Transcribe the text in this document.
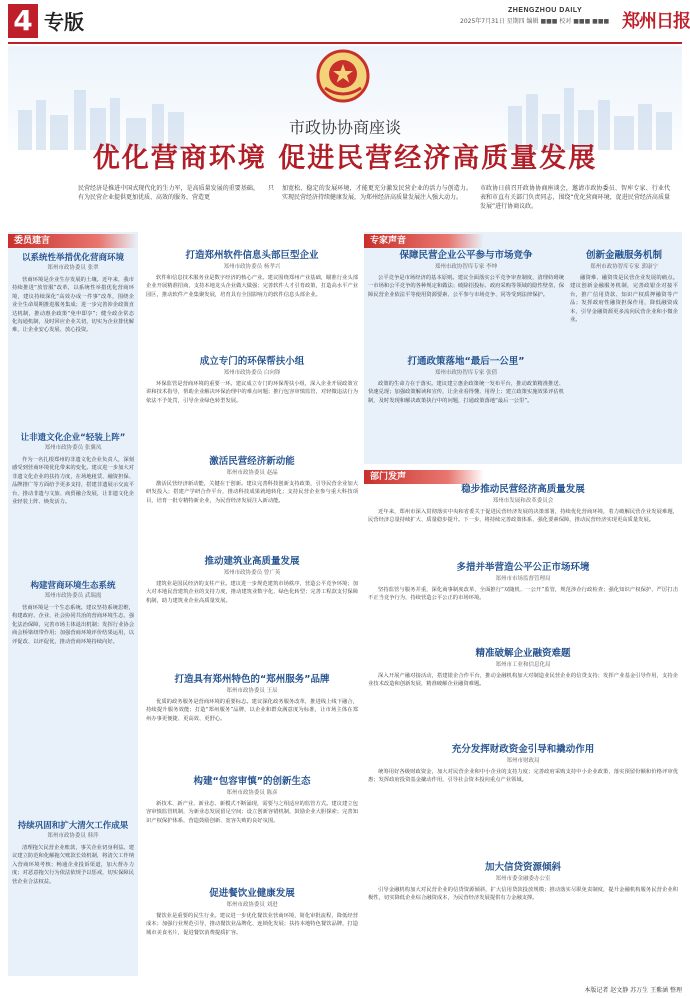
4 专版	ZHENGZHOU DAILY
2025年7月31日 星期四 编辑 ■■■ 校对 ■■■ ■■■ 郑州日报
市政协协商座谈
优化营商环境 促进民营经济高质量发展
民营经济是推进中国式现代化的生力军，是高质量发展的重要基础。　　只有为民营企业提供更加优质、高效的服务，营造更
加宽松、稳定的发展环境，才能更充分激发民营企业的活力与创造力。实现民营经济持续健康发展，为郑州经济高质量发展注入强大动力。
市政协日前召开政协协商座谈会，邀请市政协委员、智库专家、行业代表和市直有关部门负责同志，围绕“优化营商环境，促进民营经济高质量发展”进行协商议政。
委员建言
以系统性举措优化营商环境
郑州市政协委员 张翠
营商环境是企业生存发展的土壤。近年来，我市持续推进“放管服”改革，以系统性举措优化营商环境，建议持续深化“高效办成一件事”改革，围绕企业全生命周期推进服务集成；进一步完善涉企政策直达机制，推动惠企政策“免申即享”；健全政企常态化沟通机制，及时回应企业关切，切实为企业排忧解难，让企业安心发展、放心投资。
让非遗文化企业“轻装上阵”
郑州市政协委员 张翼凤
作为一名扎根郑州的非遗文化企业负责人，深刻感受到营商环境优化带来的变化。建议进一步加大对非遗文化企业的扶持力度，在场地租赁、融资担保、品牌推广等方面给予更多支持，搭建非遗展示交流平台，推动非遗与文旅、商贸融合发展，让非遗文化企业轻装上阵、焕发活力。
构建营商环境生态系统
郑州市政协委员 武瑞霞
营商环境是一个生态系统。建议坚持系统思维，构建政府、企业、社会协同共治的营商环境生态，强化法治保障，完善市场主体退出机制；发挥行业协会商会桥梁纽带作用；加强营商环境评价结果运用，以评促改、以评促优，推动营商环境持续向好。
持续巩固和扩大清欠工作成果
郑州市政协委员 韩萍
清理拖欠民营企业账款，事关企业切身利益。建议建立防范和化解拖欠账款长效机制，将清欠工作纳入营商环境考核；畅通企业投诉渠道，加大督办力度；对恶意拖欠行为依法依规予以惩戒，切实保障民营企业合法权益。
打造郑州软件信息头部巨型企业
郑州市政协委员 杨孝兴
软件和信息技术服务业是数字经济的核心产业。建议围绕郑州产业基础，瞄准行业头部企业开展精准招商，支持本地龙头企业做大做强；完善软件人才引育政策，打造高水平产业园区，推动软件产业集聚发展，培育具有全国影响力的软件信息头部企业。
成立专门的环保帮扶小组
郑州市政协委员 白向锋
环保监管是营商环境的重要一环。建议成立专门的环保帮扶小组，深入企业开展政策宣讲和技术指导，帮助企业解决环保治理中的难点问题；推行包容审慎监管，对轻微违法行为依法不予处罚，引导企业绿色转型发展。
激活民营经济新动能
郑州市政协委员 赵晶
激活民营经济新动能，关键在于创新。建议完善科技创新支持政策，引导民营企业加大研发投入；搭建产学研合作平台，推动科技成果就地转化；支持民营企业参与重大科技项目，培育一批专精特新企业，为民营经济发展注入新动能。
推动建筑业高质量发展
郑州市政协委员 曾广英
建筑业是国民经济的支柱产业。建议进一步规范建筑市场秩序，营造公平竞争环境；加大对本地民营建筑企业的支持力度，推动建筑业数字化、绿色化转型；完善工程款支付保障机制，助力建筑业企业高质量发展。
打造具有郑州特色的“郑州服务”品牌
郑州市政协委员 王辰
优质的政务服务是营商环境的重要标志。建议深化政务服务改革，推进线上线下融合，持续提升服务效能；打造“郑州服务”品牌，以企业和群众满意度为标准，让市场主体在郑州办事更便捷、更高效、更舒心。
构建“包容审慎”的创新生态
郑州市政协委员 陈彦
新技术、新产业、新业态、新模式不断涌现，需要与之相适应的监管方式。建议建立包容审慎监管机制，为新业态发展留足空间；设立创新容错机制，鼓励企业大胆探索；完善知识产权保护体系，营造鼓励创新、宽容失败的良好氛围。
促进餐饮业健康发展
郑州市政协委员 刘进
餐饮业是重要的民生行业。建议进一步优化餐饮业营商环境，简化审批流程，降低经营成本；加强行业规范引导，推动餐饮业品牌化、连锁化发展；扶持本地特色餐饮品牌，打造城市美食名片，促进餐饮消费提质扩容。
专家声音
保障民营企业公平参与市场竞争
郑州市政协智库专家 李坤
公平竞争是市场经济的基本原则。建议全面落实公平竞争审查制度，清理妨碍统一市场和公平竞争的各种规定和做法；破除招投标、政府采购等领域的隐性壁垒，保障民营企业依法平等使用资源要素、公平参与市场竞争、同等受到法律保护。
创新金融服务机制
郑州市政协智库专家 郭康宁
融资难、融资贵是民营企业发展的痛点。建议创新金融服务机制，完善政银企对接平台，推广信用贷款、知识产权质押融资等产品；发挥政府性融资担保作用，降低融资成本，引导金融资源更多流向民营企业和小微企业。
打通政策落地“最后一公里”
郑州市政协智库专家 张倩
政策的生命力在于落实。建议建立惠企政策统一发布平台，推动政策精准推送、快速兑现；加强政策解读和宣传，让企业看得懂、用得上；建立政策实施效果评估机制，及时发现和解决政策执行中的问题，打通政策落地“最后一公里”。
部门发声
稳步推动民营经济高质量发展
郑州市发展和改革委员会
近年来，郑州市深入贯彻落实中央和省委关于促进民营经济发展的决策部署，持续优化营商环境，着力破解民营企业发展难题，民营经济总量持续扩大、质量稳步提升。下一步，将持续完善政策体系，强化要素保障，推动民营经济实现更高质量发展。
多措并举营造公平公正市场环境
郑州市市场监督管理局
坚持监管与服务并重，深化商事制度改革，全面推行“双随机、一公开”监管，规范涉企行政检查；强化知识产权保护，严厉打击不正当竞争行为，持续营造公平公正的市场环境。
精准破解企业融资难题
郑州市工业和信息化局
深入开展产融对接活动，搭建银企合作平台，推动金融机构加大对制造业民营企业的信贷支持；发挥产业基金引导作用，支持企业技术改造和创新发展，精准破解企业融资难题。
充分发挥财政资金引导和撬动作用
郑州市财政局
统筹用好各级财政资金，加大对民营企业和中小企业的支持力度；完善政府采购支持中小企业政策，落实预留份额和价格评审优惠；发挥政府投资基金撬动作用，引导社会资本投向重点产业领域。
加大信贷资源倾斜
郑州市委金融委办公室
引导金融机构加大对民营企业的信贷资源倾斜，扩大信用贷款投放规模；推动落实尽职免责制度，提升金融机构服务民营企业积极性，切实降低企业综合融资成本，为民营经济发展提供有力金融支撑。
本版记者 赵文静 苏万生 王紫涵 整理
